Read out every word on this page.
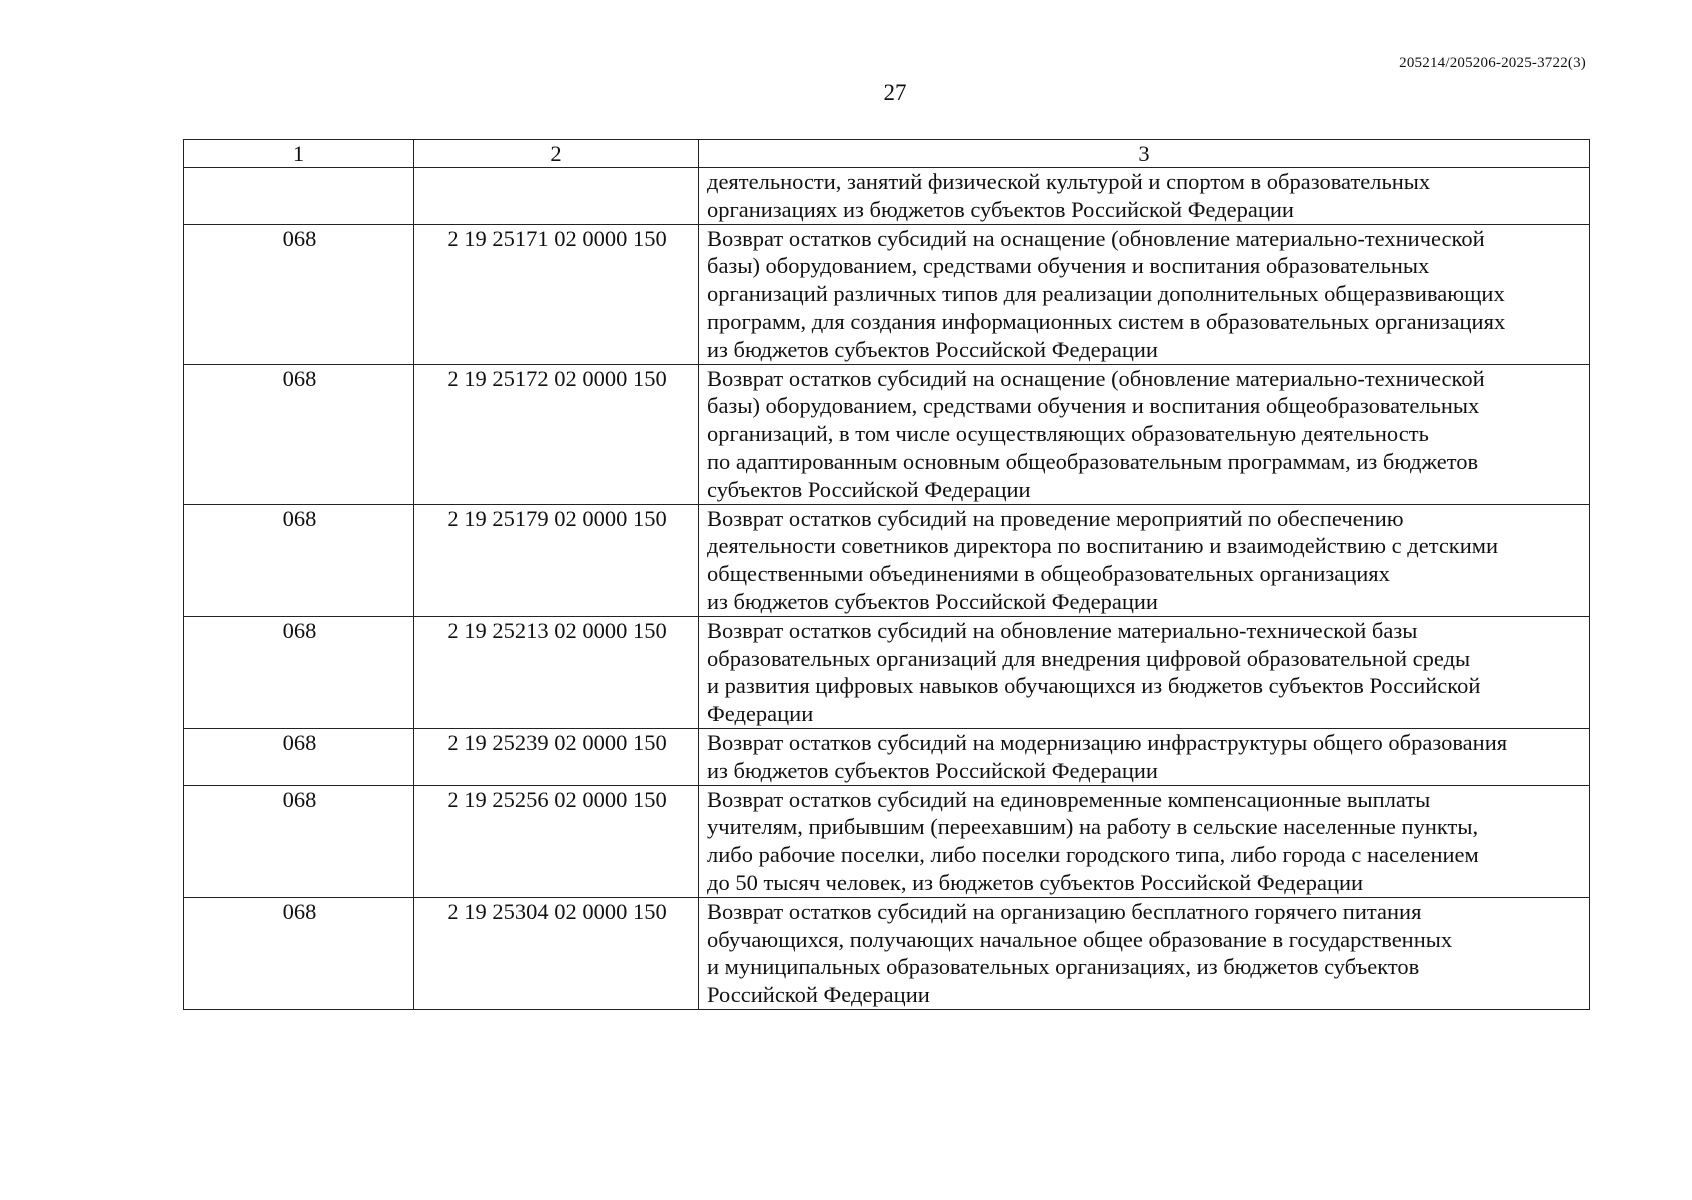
205214/205206-2025-3722(3)
27
1	2	3

		деятельности, занятий физической культурой и спортом в образовательных
организациях из бюджетов субъектов Российской Федерации

068	2 19 25171 02 0000 150	Возврат остатков субсидий на оснащение (обновление материально-технической
базы) оборудованием, средствами обучения и воспитания образовательных
организаций различных типов для реализации дополнительных общеразвивающих
программ, для создания информационных систем в образовательных организациях
из бюджетов субъектов Российской Федерации

068	2 19 25172 02 0000 150	Возврат остатков субсидий на оснащение (обновление материально-технической
базы) оборудованием, средствами обучения и воспитания общеобразовательных
организаций, в том числе осуществляющих образовательную деятельность
по адаптированным основным общеобразовательным программам, из бюджетов
субъектов Российской Федерации

068	2 19 25179 02 0000 150	Возврат остатков субсидий на проведение мероприятий по обеспечению
деятельности советников директора по воспитанию и взаимодействию с детскими
общественными объединениями в общеобразовательных организациях
из бюджетов субъектов Российской Федерации

068	2 19 25213 02 0000 150	Возврат остатков субсидий на обновление материально-технической базы
образовательных организаций для внедрения цифровой образовательной среды
и развития цифровых навыков обучающихся из бюджетов субъектов Российской
Федерации

068	2 19 25239 02 0000 150	Возврат остатков субсидий на модернизацию инфраструктуры общего образования
из бюджетов субъектов Российской Федерации

068	2 19 25256 02 0000 150	Возврат остатков субсидий на единовременные компенсационные выплаты
учителям, прибывшим (переехавшим) на работу в сельские населенные пункты,
либо рабочие поселки, либо поселки городского типа, либо города с населением
до 50 тысяч человек, из бюджетов субъектов Российской Федерации

068	2 19 25304 02 0000 150	Возврат остатков субсидий на организацию бесплатного горячего питания
обучающихся, получающих начальное общее образование в государственных
и муниципальных образовательных организациях, из бюджетов субъектов
Российской Федерации
